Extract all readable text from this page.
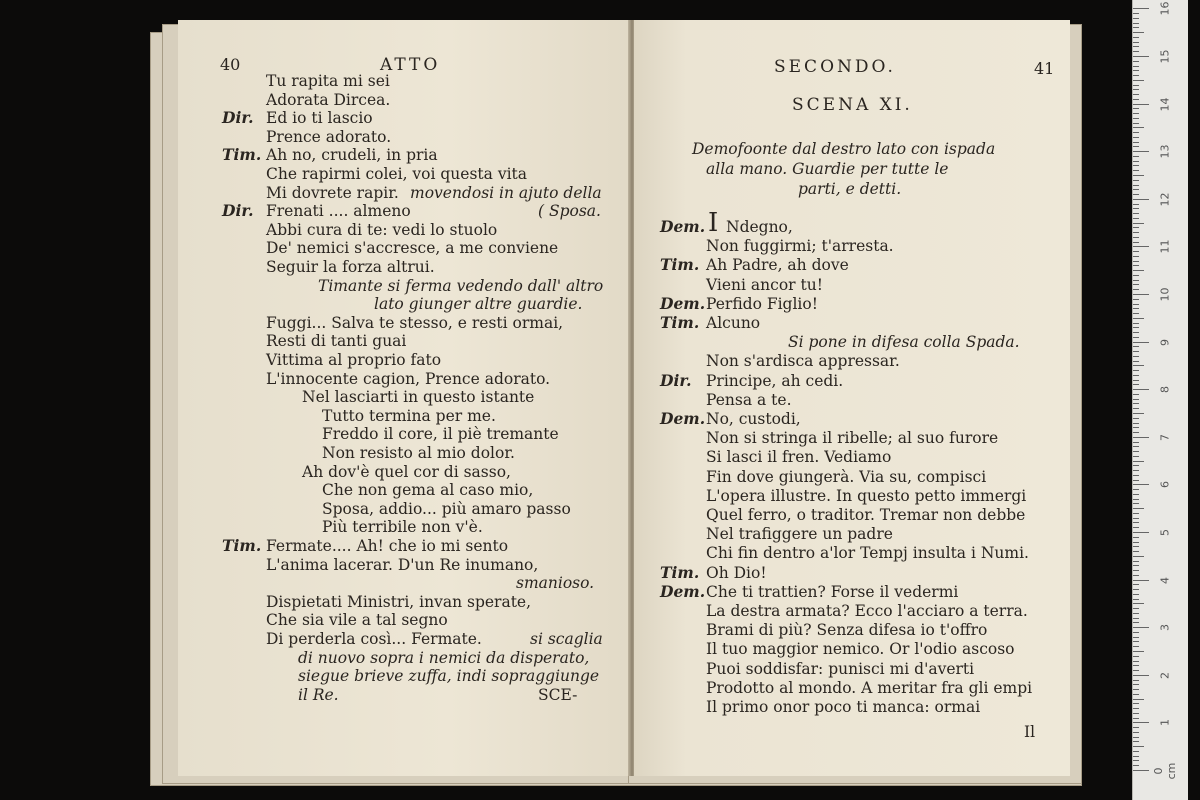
40	ATTO
Tu rapita mi sei
Adorata Dircea.
Dir. Ed io ti lascio
Prence adorato.
Tim. Ah no, crudeli, in pria
Che rapirmi colei, voi questa vita
Mi dovrete rapir. movendosi in ajuto della
Dir. Frenati .... almeno	( Sposa.
Abbi cura di te: vedi lo stuolo
De' nemici s'accresce, a me conviene
Seguir la forza altrui.
Timante si ferma vedendo dall' altro
lato giunger altre guardie.
Fuggi... Salva te stesso, e resti ormai,
Resti di tanti guai
Vittima al proprio fato
L'innocente cagion, Prence adorato.
Nel lasciarti in questo istante
Tutto termina per me.
Freddo il core, il piè tremante
Non resisto al mio dolor.
Ah dov'è quel cor di sasso,
Che non gema al caso mio,
Sposa, addio... più amaro passo
Più terribile non v'è.
Tim. Fermate.... Ah! che io mi sento
L'anima lacerar. D'un Re inumano,
smanioso.
Dispietati Ministri, invan sperate,
Che sia vile a tal segno
Di perderla così... Fermate.	si scaglia
di nuovo sopra i nemici da disperato,
siegue brieve zuffa, indi sopraggiunge
il Re.	SCE-
SECONDO.	41
SCENA XI.
Demofoonte dal destro lato con ispada
alla mano. Guardie per tutte le
parti, e detti.
Dem. I Ndegno,
Non fuggirmi; t'arresta.
Tim. Ah Padre, ah dove
Vieni ancor tu!
Dem. Perfido Figlio!
Tim. Alcuno
Si pone in difesa colla Spada.
Non s'ardisca appressar.
Dir. Principe, ah cedi.
Pensa a te.
Dem. No, custodi,
Non si stringa il ribelle; al suo furore
Si lasci il fren. Vediamo
Fin dove giungerà. Via su, compisci
L'opera illustre. In questo petto immergi
Quel ferro, o traditor. Tremar non debbe
Nel trafiggere un padre
Chi fin dentro a'lor Tempj insulta i Numi.
Tim. Oh Dio!
Dem. Che ti trattien? Forse il vedermi
La destra armata? Ecco l'acciaro a terra.
Brami di più? Senza difesa io t'offro
Il tuo maggior nemico. Or l'odio ascoso
Puoi soddisfar: punisci mi d'averti
Prodotto al mondo. A meritar fra gli empi
Il primo onor poco ti manca: ormai
Il
0 cm
1
2
3
4
5
6
7
8
9
10
11
12
13
14
15
16
